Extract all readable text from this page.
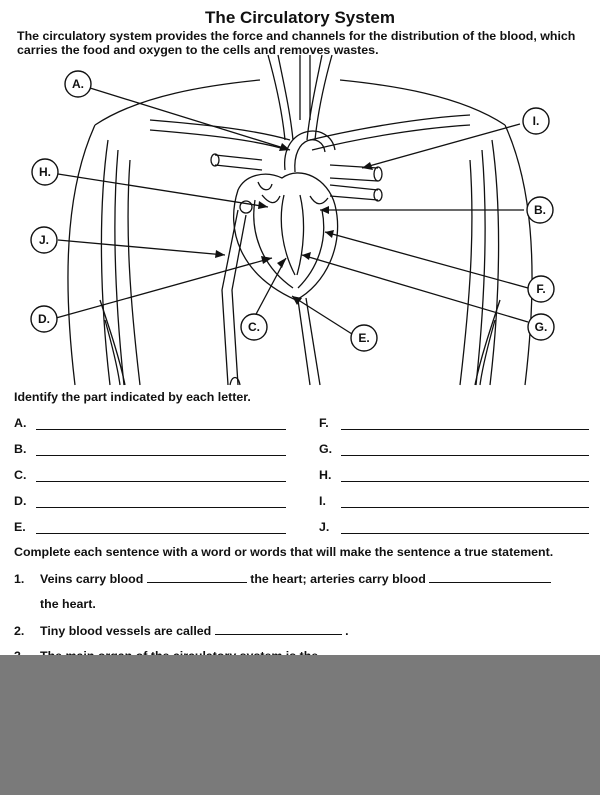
The Circulatory System
The circulatory system provides the force and channels for the distribution of the blood, which carries the food and oxygen to the cells and removes wastes.
A.
I.
H.
B.
J.
F.
D.
C.	G.
E.
Identify the part indicated by each letter.
A.
B.
C.
D.
E.
F.
G.
H.
I.
J.
Complete each sentence with a word or words that will make the sentence a true statement.
1. Veins carry blood	the heart; arteries carry blood
the heart.
2. Tiny blood vessels are called	.
